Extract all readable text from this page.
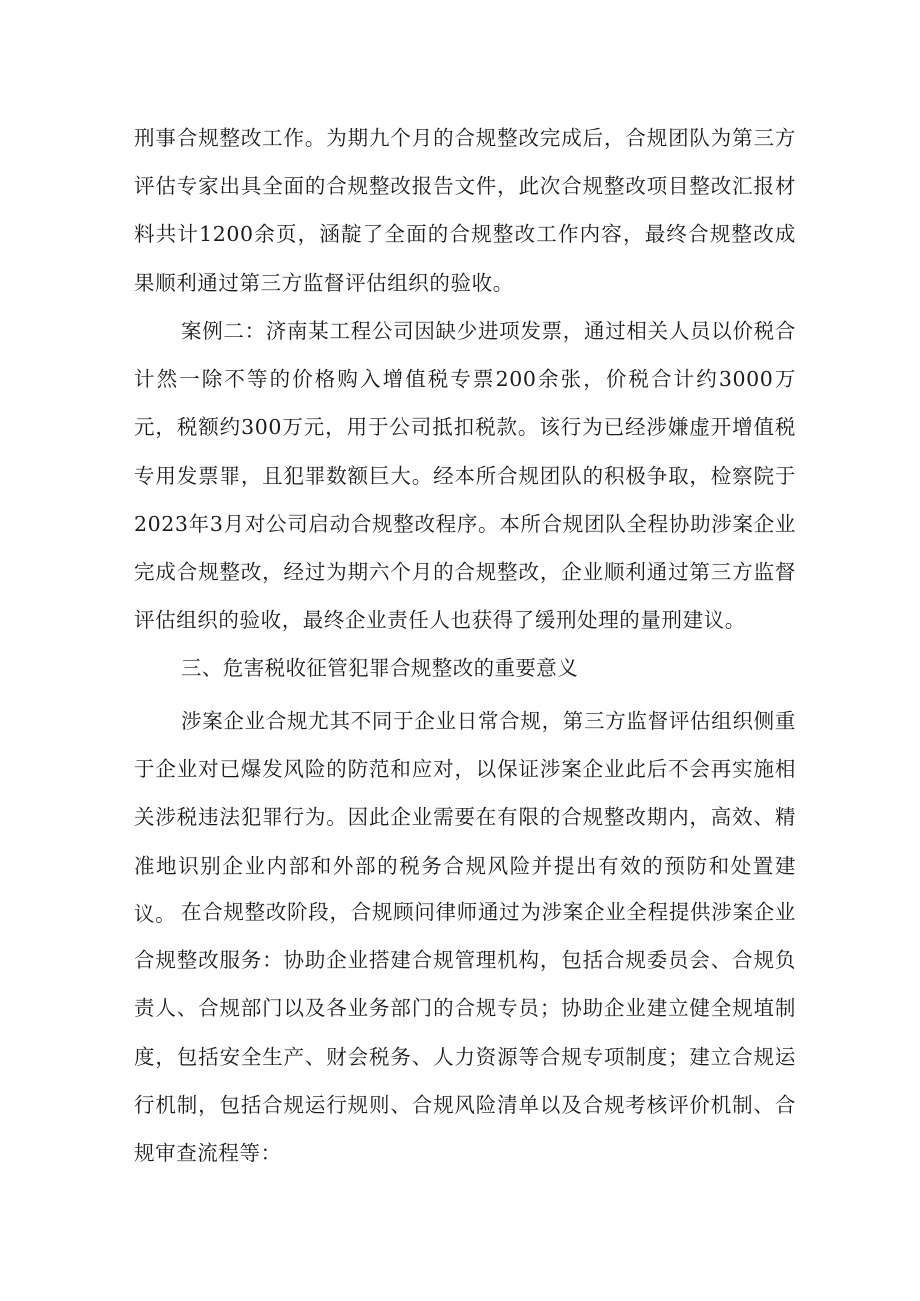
刑事合规整改工作。为期九个月的合规整改完成后，合规团队为第三方评估专家出具全面的合规整改报告文件，此次合规整改项目整改汇报材料共计1200余页，涵靛了全面的合规整改工作内容，最终合规整改成果顺利通过第三方监督评估组织的验收。

案例二：济南某工程公司因缺少进项发票，通过相关人员以价税合计然一除不等的价格购入增值税专票200余张，价税合计约3000万元，税额约300万元，用于公司抵扣税款。该行为已经涉嫌虚开增值税专用发票罪，且犯罪数额巨大。经本所合规团队的积极争取，检察院于2023年3月对公司启动合规整改程序。本所合规团队全程协助涉案企业完成合规整改，经过为期六个月的合规整改，企业顺利通过第三方监督评估组织的验收，最终企业责任人也获得了缓刑处理的量刑建议。

三、危害税收征管犯罪合规整改的重要意义

涉案企业合规尤其不同于企业日常合规，第三方监督评估组织侧重于企业对已爆发风险的防范和应对，以保证涉案企业此后不会再实施相关涉税违法犯罪行为。因此企业需要在有限的合规整改期内，高效、精准地识别企业内部和外部的税务合规风险并提出有效的预防和处置建议。 在合规整改阶段，合规顾问律师通过为涉案企业全程提供涉案企业合规整改服务：协助企业搭建合规管理机构，包括合规委员会、合规负责人、合规部门以及各业务部门的合规专员；协助企业建立健全规埴制度，包括安全生产、财会税务、人力资源等合规专项制度；建立合规运行机制，包括合规运行规则、合规风险清单以及合规考核评价机制、合规审查流程等：
